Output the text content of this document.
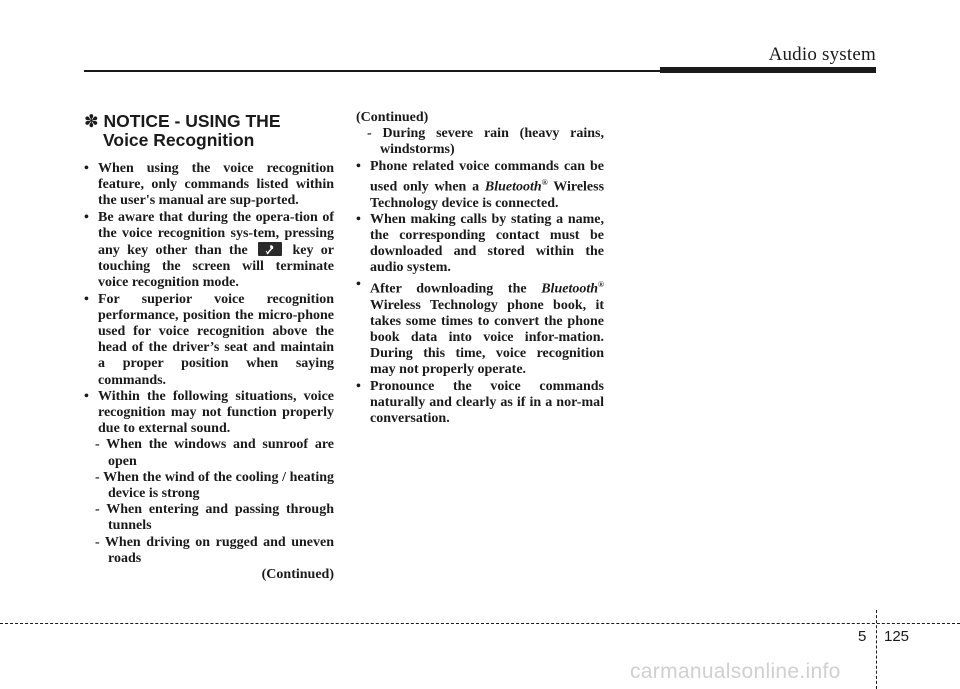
Audio system
✽ NOTICE - USING THE
Voice Recognition
• When using the voice recognition feature, only commands listed within the user's manual are sup-ported.
• Be aware that during the opera-tion of the voice recognition sys-tem, pressing any key other than the	key or touching the screen will terminate voice recognition mode.
• For superior voice recognition performance, position the micro-phone used for voice recognition above the head of the driver’s seat and maintain a proper position when saying commands.
• Within the following situations, voice recognition may not function properly due to external sound.
- When the windows and sunroof are open
- When the wind of the cooling / heating device is strong
- When entering and passing through tunnels
- When driving on rugged and uneven roads
(Continued)
(Continued)
- During severe rain (heavy rains, windstorms)
• Phone related voice commands can be used only when a Bluetooth® Wireless Technology device is connected.
• When making calls by stating a name, the corresponding contact must be downloaded and stored within the audio system.
• After downloading the Bluetooth® Wireless Technology phone book, it takes some times to convert the phone book data into voice infor-mation. During this time, voice recognition may not properly operate.
• Pronounce the voice commands naturally and clearly as if in a nor-mal conversation.
5 125
carmanualsonline.info
